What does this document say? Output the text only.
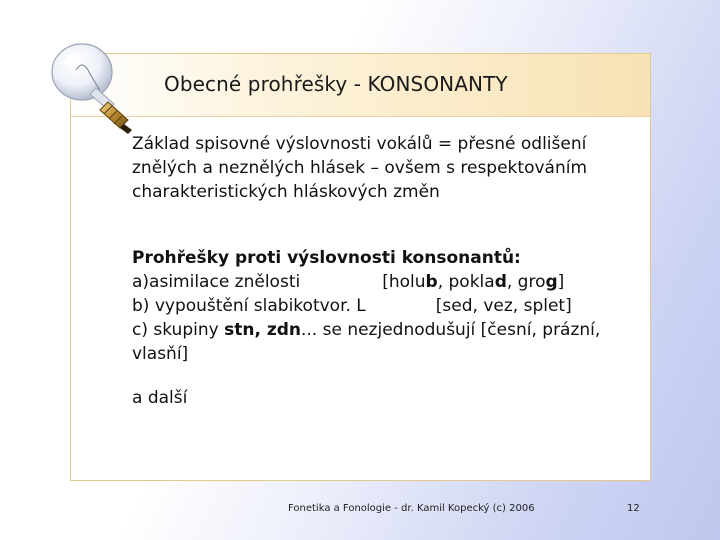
Obecné prohřešky - KONSONANTY

Základ spisovné výslovnosti vokálů = přesné odlišení znělých a neznělých hlásek – ovšem s respektováním charakteristických hláskových změn

Prohřešky proti výslovnosti konsonantů:
a)asimilace znělosti	[holub, poklad, grog]
b) vypouštění slabikotvor. L	[sed, vez, splet]
c) skupiny stn, zdn... se nezjednodušují [česní, prázní, vlasňí]

a další

Fonetika a Fonologie - dr. Kamil Kopecký (c) 2006	12
